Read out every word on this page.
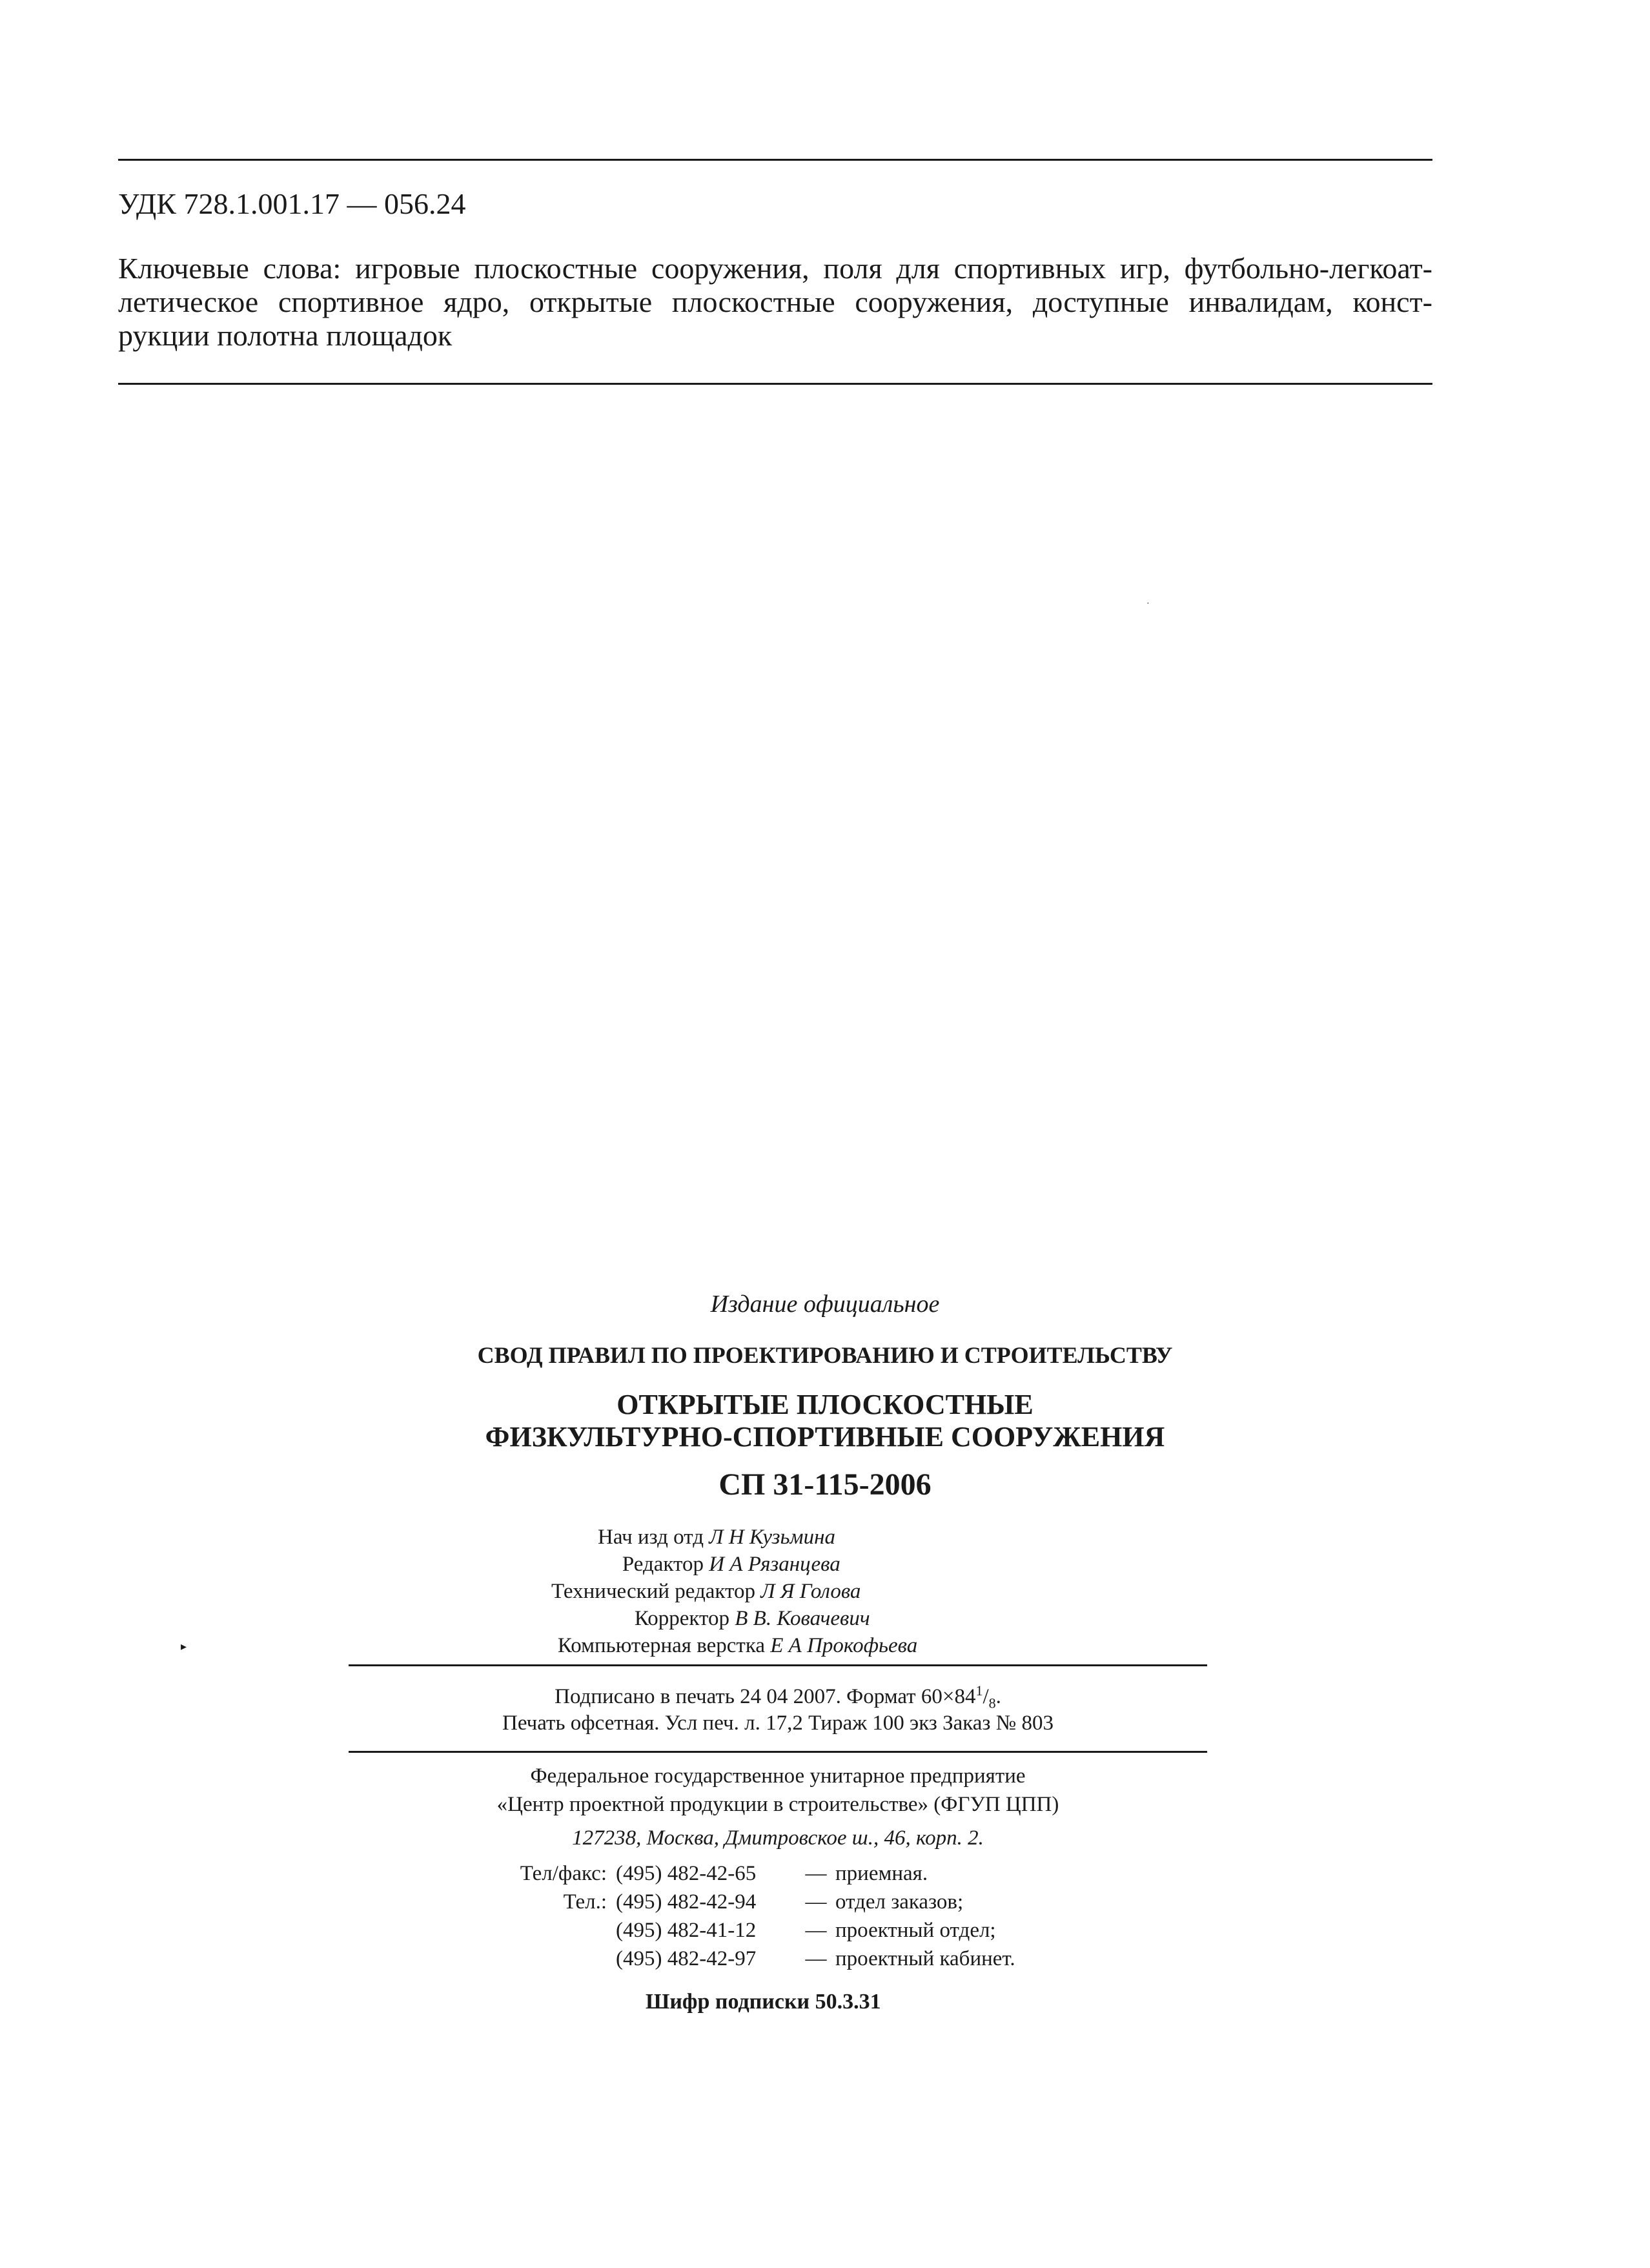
УДК 728.1.001.17 — 056.24

Ключевые слова: игровые плоскостные сооружения, поля для спортивных игр, футбольно-легкоат-
летическое спортивное ядро, открытые плоскостные сооружения, доступные инвалидам, конст-
рукции полотна площадок
·

Издание официальное

СВОД ПРАВИЛ ПО ПРОЕКТИРОВАНИЮ И СТРОИТЕЛЬСТВУ

ОТКРЫТЫЕ ПЛОСКОСТНЫЕ

ФИЗКУЛЬТУРНО-СПОРТИВНЫЕ СООРУЖЕНИЯ

СП 31-115-2006

Нач изд отд Л Н Кузьмина
Редактор И А Рязанцева
Технический редактор Л Я Голова
Корректор В В. Ковачевич
Компьютерная верстка Е А Прокофьева
▸

Подписано в печать 24 04 2007. Формат $60\times 84^1/_8$.

Печать офсетная. Усл печ. л. 17,2 Тираж 100 экз Заказ № 803

Федеральное государственное унитарное предприятие

«Центр проектной продукции в строительстве» (ФГУП ЦПП)

127238, Москва, Дмитровское ш., 46, корп. 2.

Тел/факс: (495) 482-42-65 — приемная.
Тел.: (495) 482-42-94 — отдел заказов;
(495) 482-41-12 — проектный отдел;
(495) 482-42-97 — проектный кабинет.

Шифр подписки 50.3.31
